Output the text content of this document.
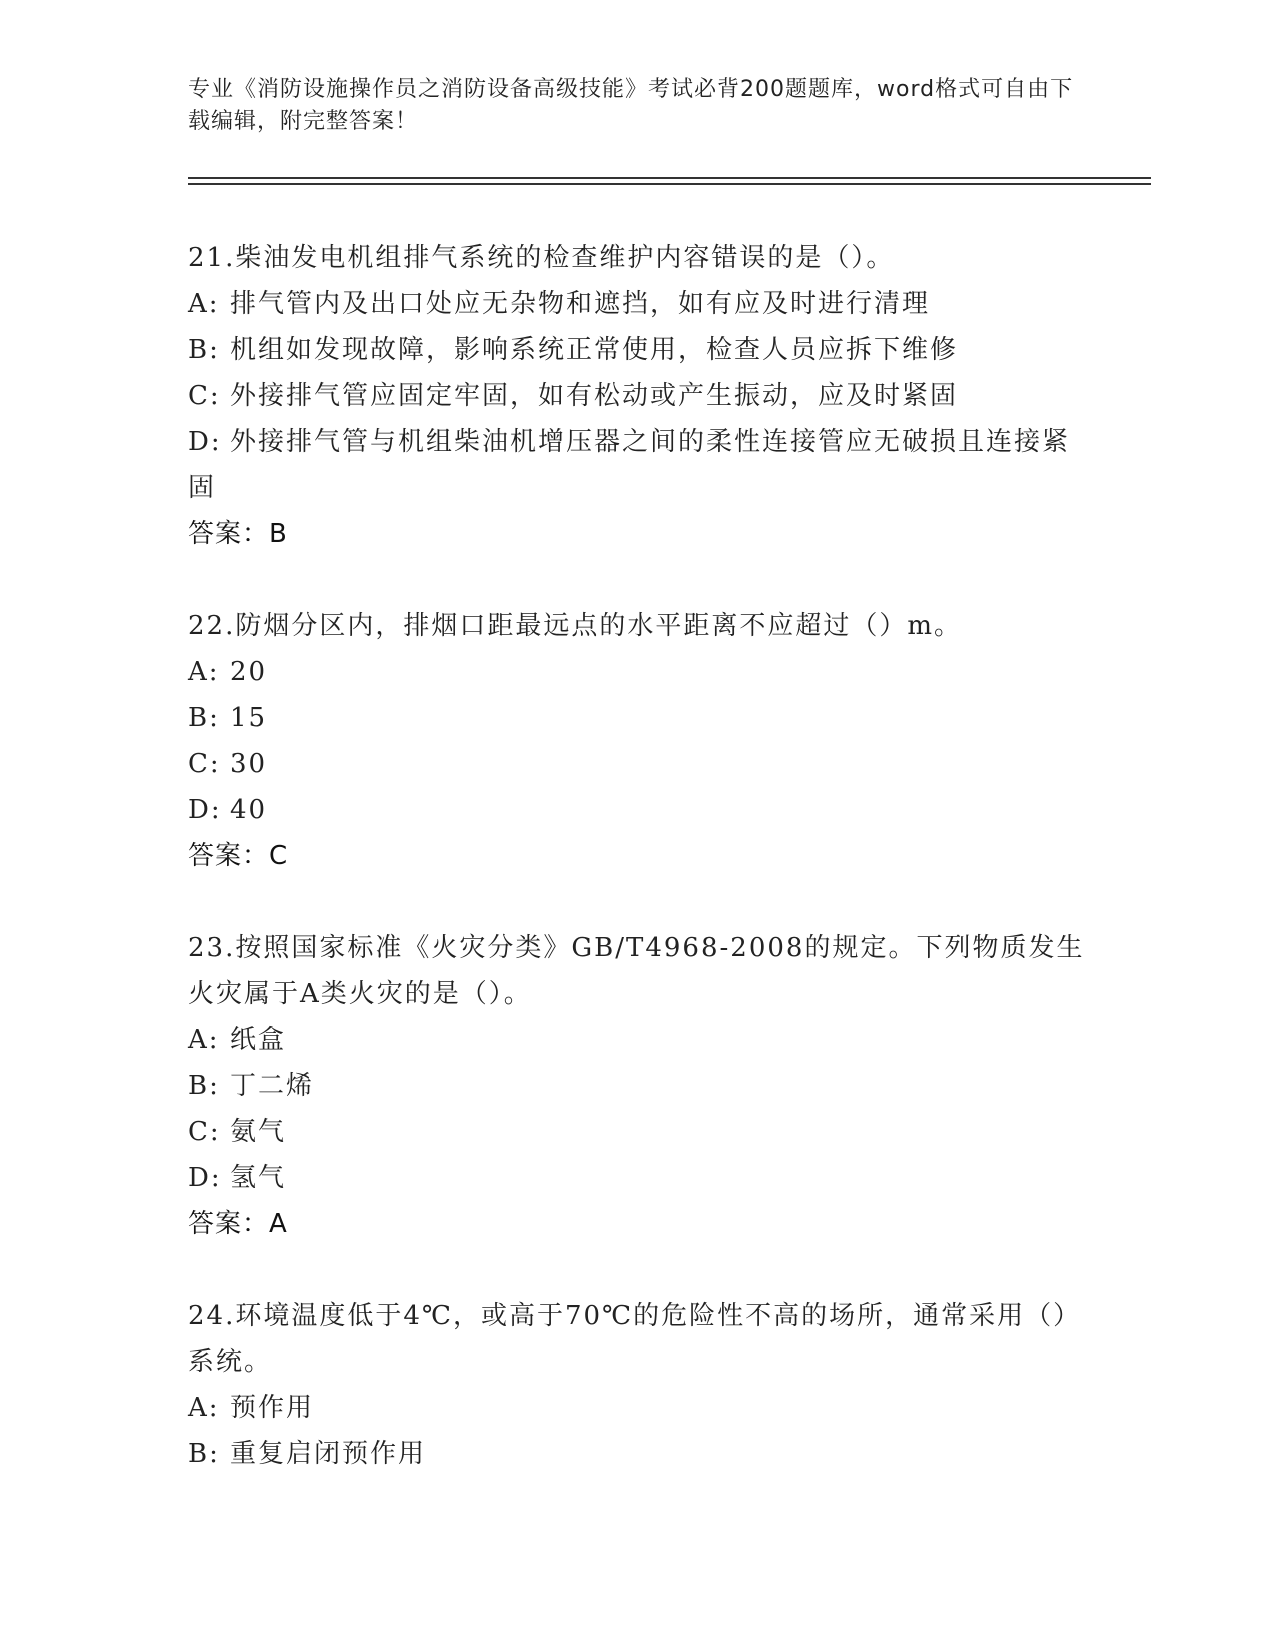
专业《消防设施操作员之消防设备高级技能》考试必背200题题库，word格式可自由下载编辑，附完整答案！
21.柴油发电机组排气系统的检查维护内容错误的是（）。
A: 排气管内及出口处应无杂物和遮挡，如有应及时进行清理
B: 机组如发现故障，影响系统正常使用，检查人员应拆下维修
C: 外接排气管应固定牢固，如有松动或产生振动，应及时紧固
D: 外接排气管与机组柴油机增压器之间的柔性连接管应无破损且连接紧固
答案：B
22.防烟分区内，排烟口距最远点的水平距离不应超过（）m。
A: 20
B: 15
C: 30
D: 40
答案：C
23.按照国家标准《火灾分类》GB/T4968-2008的规定。下列物质发生火灾属于A类火灾的是（）。
A: 纸盒
B: 丁二烯
C: 氨气
D: 氢气
答案：A
24.环境温度低于4℃，或高于70℃的危险性不高的场所，通常采用（）系统。
A: 预作用
B: 重复启闭预作用
